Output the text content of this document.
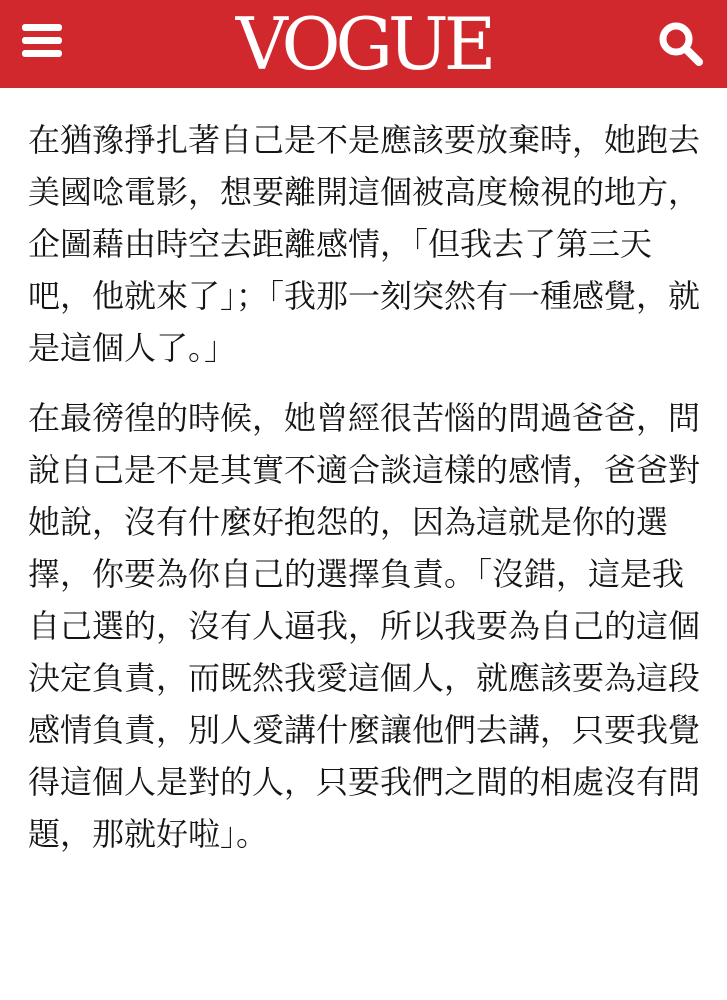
VOGUE

在猶豫掙扎著自己是不是應該要放棄時，她跑去美國唸電影，想要離開這個被高度檢視的地方，企圖藉由時空去距離感情，「但我去了第三天吧，他就來了」；「我那一刻突然有一種感覺，就是這個人了。」

在最徬徨的時候，她曾經很苦惱的問過爸爸，問說自己是不是其實不適合談這樣的感情，爸爸對她說，沒有什麼好抱怨的，因為這就是你的選擇，你要為你自己的選擇負責。「沒錯，這是我自己選的，沒有人逼我，所以我要為自己的這個決定負責，而既然我愛這個人，就應該要為這段感情負責，別人愛講什麼讓他們去講，只要我覺得這個人是對的人，只要我們之間的相處沒有問題，那就好啦」。
